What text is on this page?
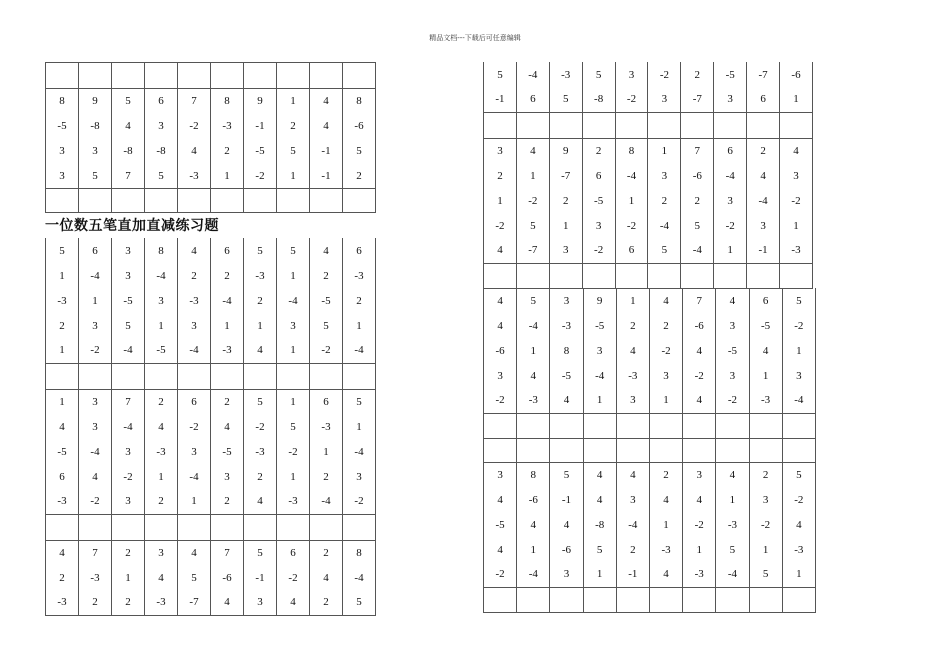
精品文档---下载后可任意编辑
一位数五笔直加直减练习题

8	9	5	6	7	8	9	1	4	8
-5	-8	4	3	-2	-3	-1	2	4	-6
3	3	-8	-8	4	2	-5	5	-1	5
3	5	7	5	-3	1	-2	1	-1	2

5	6	3	8	4	6	5	5	4	6
1	-4	3	-4	2	2	-3	1	2	-3
-3	1	-5	3	-3	-4	2	-4	-5	2
2	3	5	1	3	1	1	3	5	1
1	-2	-4	-5	-4	-3	4	1	-2	-4

1	3	7	2	6	2	5	1	6	5
4	3	-4	4	-2	4	-2	5	-3	1
-5	-4	3	-3	3	-5	-3	-2	1	-4
6	4	-2	1	-4	3	2	1	2	3
-3	-2	3	2	1	2	4	-3	-4	-2

4	7	2	3	4	7	5	6	2	8
2	-3	1	4	5	-6	-1	-2	4	-4
-3	2	2	-3	-7	4	3	4	2	5
5	-4	-3	5	3	-2	2	-5	-7	-6
-1	6	5	-8	-2	3	-7	3	6	1

3	4	9	2	8	1	7	6	2	4
2	1	-7	6	-4	3	-6	-4	4	3
1	-2	2	-5	1	2	2	3	-4	-2
-2	5	1	3	-2	-4	5	-2	3	1
4	-7	3	-2	6	5	-4	1	-1	-3

4	5	3	9	1	4	7	4	6	5
4	-4	-3	-5	2	2	-6	3	-5	-2
-6	1	8	3	4	-2	4	-5	4	1
3	4	-5	-4	-3	3	-2	3	1	3
-2	-3	4	1	3	1	4	-2	-3	-4

3	8	5	4	4	2	3	4	2	5
4	-6	-1	4	3	4	4	1	3	-2
-5	4	4	-8	-4	1	-2	-3	-2	4
4	1	-6	5	2	-3	1	5	1	-3
-2	-4	3	1	-1	4	-3	-4	5	1
